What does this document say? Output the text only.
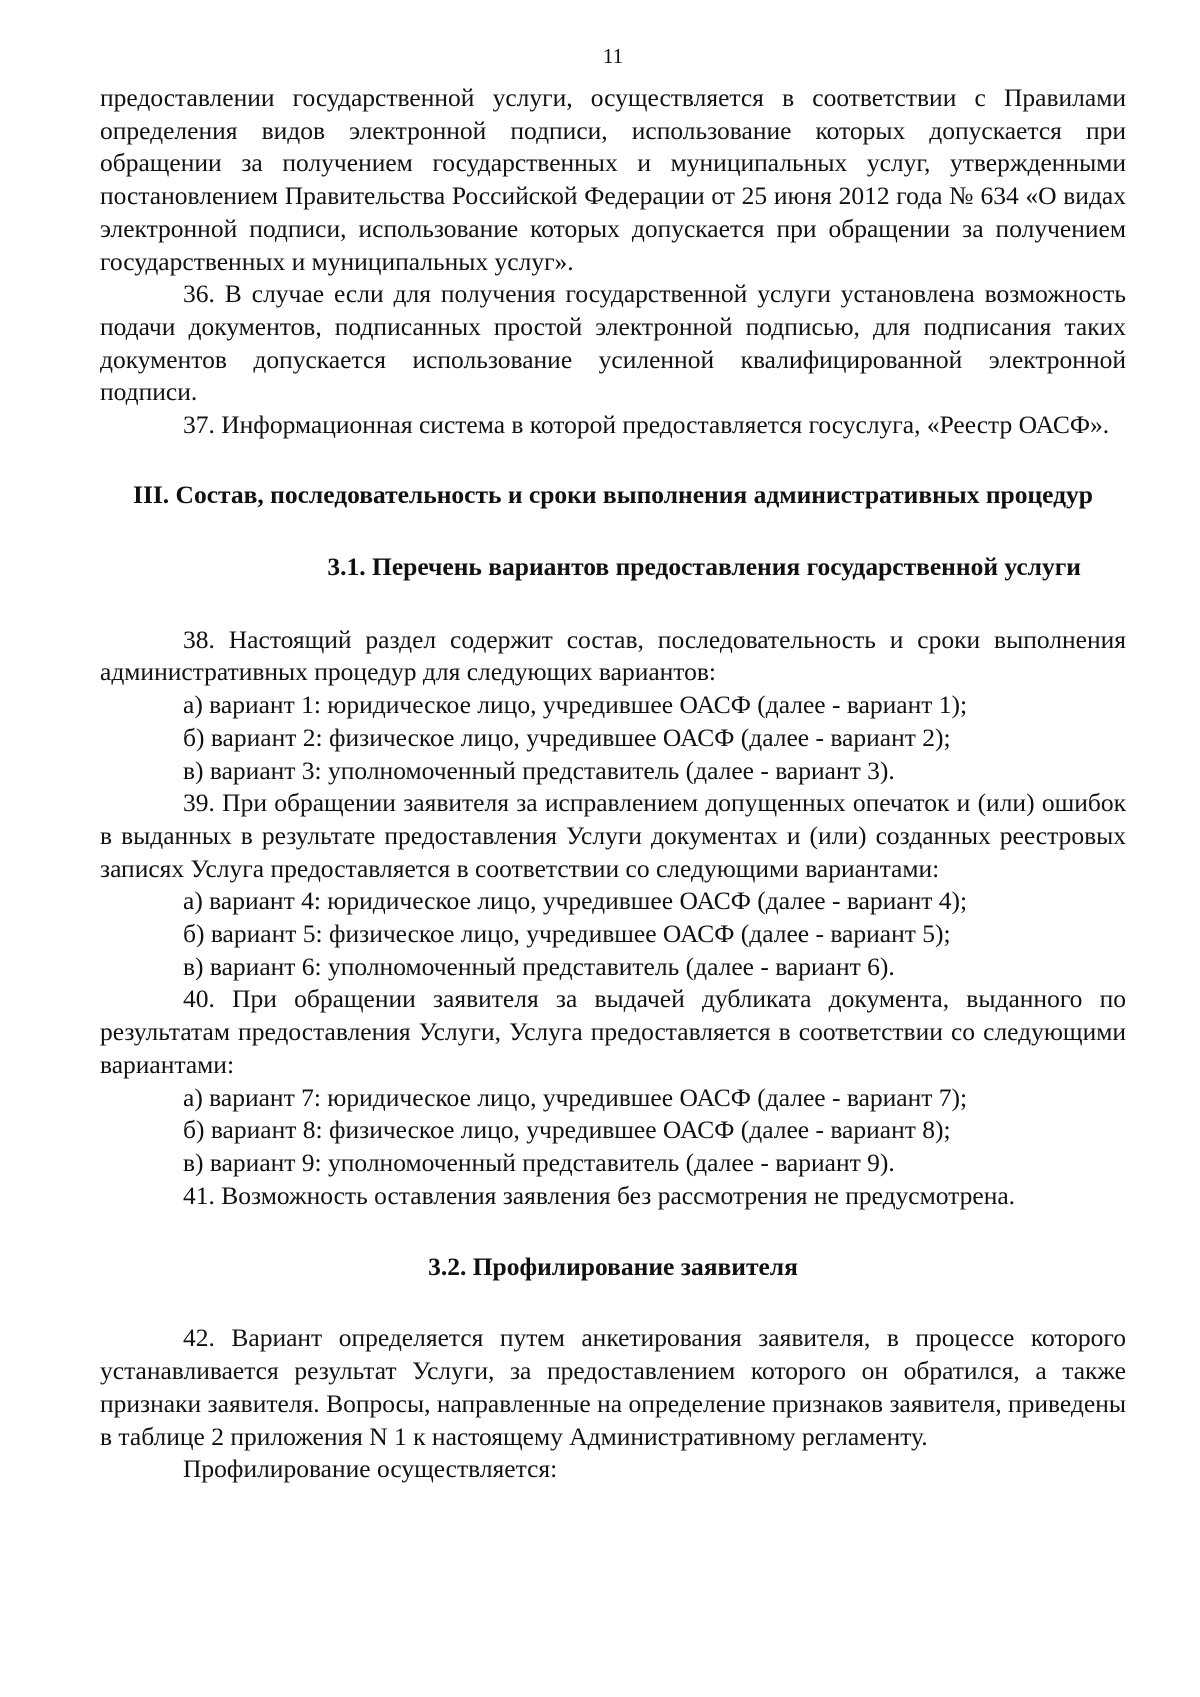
11

предоставлении государственной услуги, осуществляется в соответствии с Правилами определения видов электронной подписи, использование которых допускается при обращении за получением государственных и муниципальных услуг, утвержденными постановлением Правительства Российской Федерации от 25 июня 2012 года № 634 «О видах электронной подписи, использование которых допускается при обращении за получением государственных и муниципальных услуг».

36. В случае если для получения государственной услуги установлена возможность подачи документов, подписанных простой электронной подписью, для подписания таких документов допускается использование усиленной квалифицированной электронной подписи.

37. Информационная система в которой предоставляется госуслуга, «Реестр ОАСФ».

III. Состав, последовательность и сроки выполнения административных процедур
3.1. Перечень вариантов предоставления государственной услуги

38. Настоящий раздел содержит состав, последовательность и сроки выполнения административных процедур для следующих вариантов:

а) вариант 1: юридическое лицо, учредившее ОАСФ (далее - вариант 1);

б) вариант 2: физическое лицо, учредившее ОАСФ (далее - вариант 2);

в) вариант 3: уполномоченный представитель (далее - вариант 3).

39. При обращении заявителя за исправлением допущенных опечаток и (или) ошибок в выданных в результате предоставления Услуги документах и (или) созданных реестровых записях Услуга предоставляется в соответствии со следующими вариантами:

а) вариант 4: юридическое лицо, учредившее ОАСФ (далее - вариант 4);

б) вариант 5: физическое лицо, учредившее ОАСФ (далее - вариант 5);

в) вариант 6: уполномоченный представитель (далее - вариант 6).

40. При обращении заявителя за выдачей дубликата документа, выданного по результатам предоставления Услуги, Услуга предоставляется в соответствии со следующими вариантами:

а) вариант 7: юридическое лицо, учредившее ОАСФ (далее - вариант 7);

б) вариант 8: физическое лицо, учредившее ОАСФ (далее - вариант 8);

в) вариант 9: уполномоченный представитель (далее - вариант 9).

41. Возможность оставления заявления без рассмотрения не предусмотрена.

3.2. Профилирование заявителя

42. Вариант определяется путем анкетирования заявителя, в процессе которого устанавливается результат Услуги, за предоставлением которого он обратился, а также признаки заявителя. Вопросы, направленные на определение признаков заявителя, приведены в таблице 2 приложения N 1 к настоящему Административному регламенту.

Профилирование осуществляется:
